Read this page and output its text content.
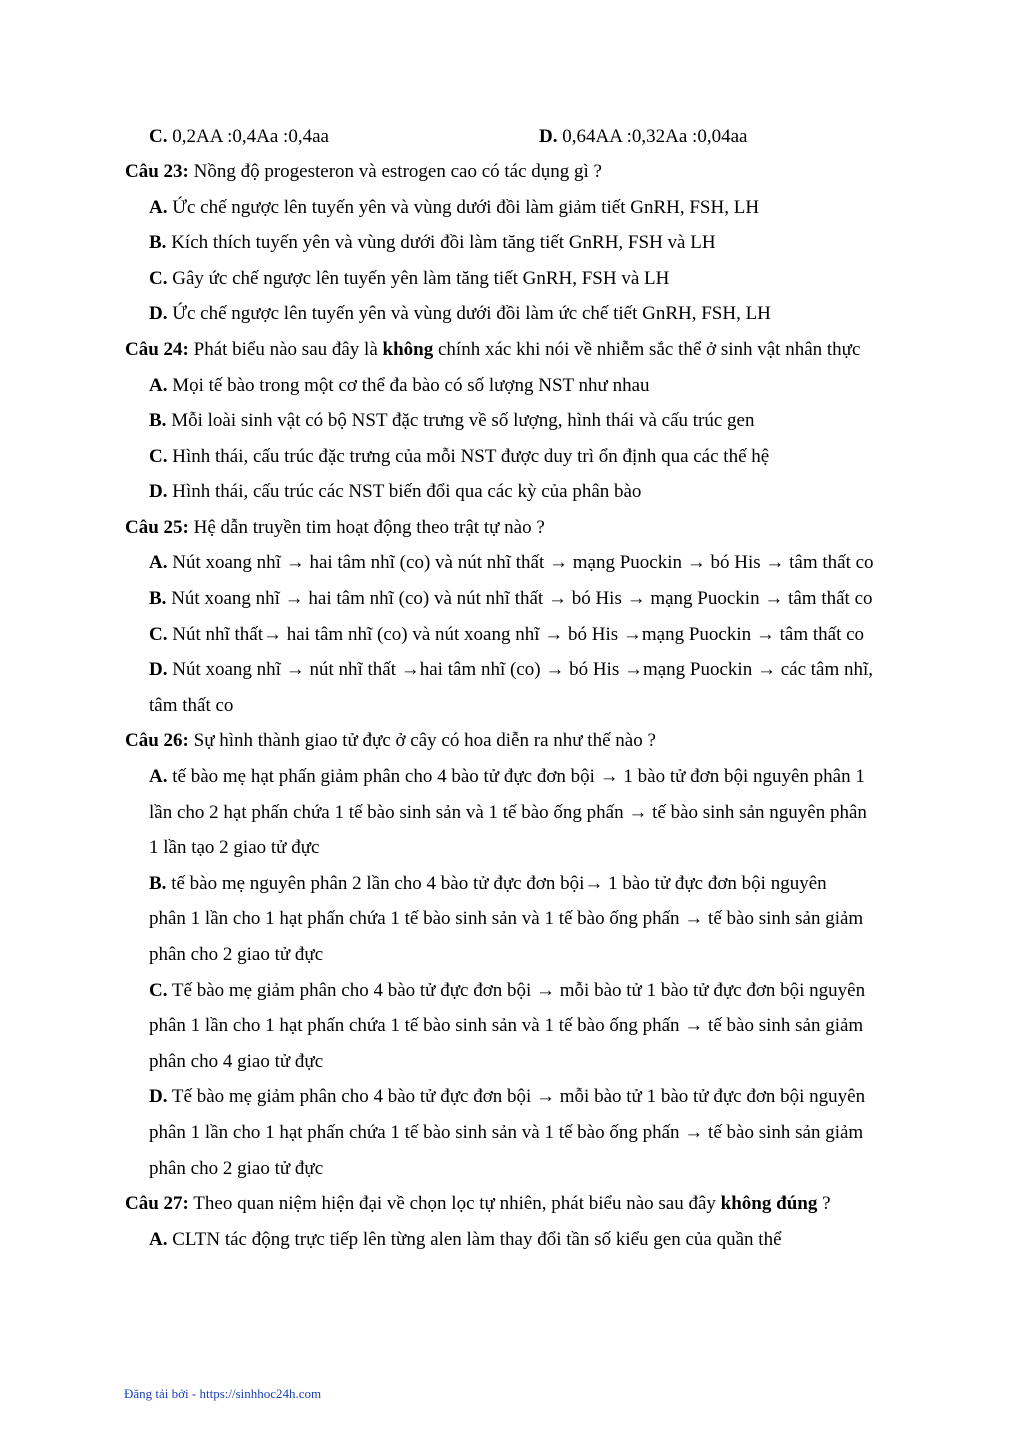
C. 0,2AA :0,4Aa :0,4aa	D. 0,64AA :0,32Aa :0,04aa
Câu 23: Nồng độ progesteron và estrogen cao có tác dụng gì ?
A. Ức chế ngược lên tuyến yên và vùng dưới đồi làm giảm tiết GnRH, FSH, LH
B. Kích thích tuyến yên và vùng dưới đồi làm tăng tiết GnRH, FSH và LH
C. Gây ức chế ngược lên tuyến yên làm tăng tiết GnRH, FSH và LH
D. Ức chế ngược lên tuyến yên và vùng dưới đồi làm ức chế tiết GnRH, FSH, LH
Câu 24: Phát biểu nào sau đây là không chính xác khi nói về nhiễm sắc thể ở sinh vật nhân thực
A. Mọi tế bào trong một cơ thể đa bào có số lượng NST như nhau
B. Mỗi loài sinh vật có bộ NST đặc trưng về số lượng, hình thái và cấu trúc gen
C. Hình thái, cấu trúc đặc trưng của mỗi NST được duy trì ổn định qua các thế hệ
D. Hình thái, cấu trúc các NST biến đổi qua các kỳ của phân bào
Câu 25: Hệ dẫn truyền tim hoạt động theo trật tự nào ?
A. Nút xoang nhĩ → hai tâm nhĩ (co) và nút nhĩ thất → mạng Puockin → bó His → tâm thất co
B. Nút xoang nhĩ → hai tâm nhĩ (co) và nút nhĩ thất → bó His → mạng Puockin → tâm thất co
C. Nút nhĩ thất→ hai tâm nhĩ (co) và nút xoang nhĩ → bó His →mạng Puockin → tâm thất co
D. Nút xoang nhĩ → nút nhĩ thất →hai tâm nhĩ (co) → bó His →mạng Puockin → các tâm nhĩ,
tâm thất co
Câu 26: Sự hình thành giao tử đực ở cây có hoa diễn ra như thế nào ?
A. tế bào mẹ hạt phấn giảm phân cho 4 bào tử đực đơn bội → 1 bào tử đơn bội nguyên phân 1
lần cho 2 hạt phấn chứa 1 tế bào sinh sản và 1 tế bào ống phấn → tế bào sinh sản nguyên phân
1 lần tạo 2 giao tử đực
B. tế bào mẹ nguyên phân 2 lần cho 4 bào tử đực đơn bội→ 1 bào tử đực đơn bội nguyên
phân 1 lần cho 1 hạt phấn chứa 1 tế bào sinh sản và 1 tế bào ống phấn → tế bào sinh sản giảm
phân cho 2 giao tử đực
C. Tế bào mẹ giảm phân cho 4 bào tử đực đơn bội → mỗi bào tử 1 bào tử đực đơn bội nguyên
phân 1 lần cho 1 hạt phấn chứa 1 tế bào sinh sản và 1 tế bào ống phấn → tế bào sinh sản giảm
phân cho 4 giao tử đực
D. Tế bào mẹ giảm phân cho 4 bào tử đực đơn bội → mỗi bào tử 1 bào tử đực đơn bội nguyên
phân 1 lần cho 1 hạt phấn chứa 1 tế bào sinh sản và 1 tế bào ống phấn → tế bào sinh sản giảm
phân cho 2 giao tử đực
Câu 27: Theo quan niệm hiện đại về chọn lọc tự nhiên, phát biểu nào sau đây không đúng ?
A. CLTN tác động trực tiếp lên từng alen làm thay đổi tần số kiểu gen của quần thể
Đăng tải bởi - https://sinhhoc24h.com
